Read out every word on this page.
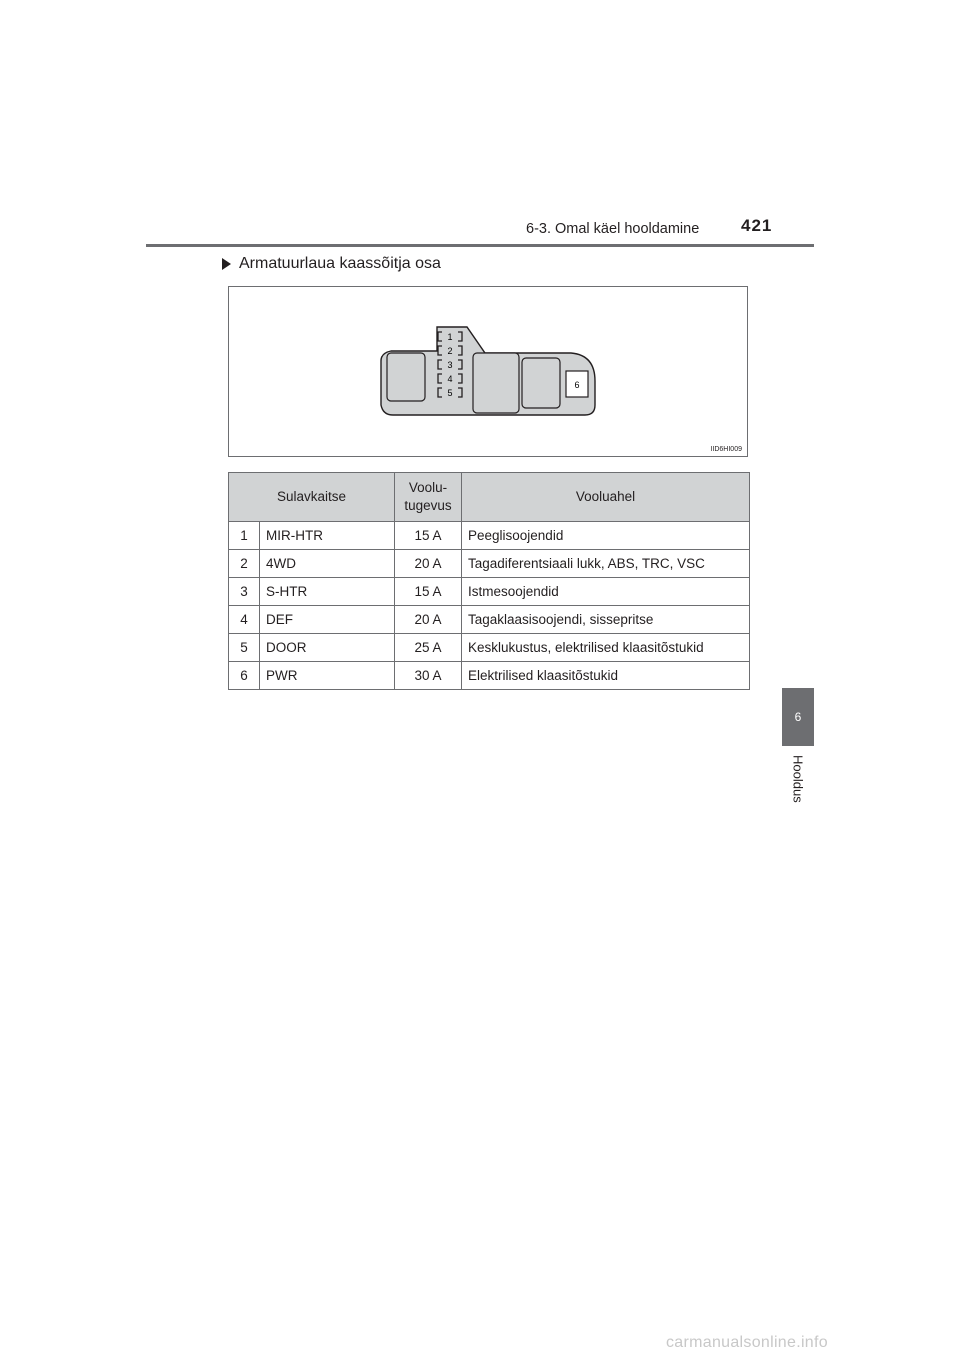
6-3. Omal käel hooldamine 421
Armatuurlaua kaassõitja osa
1
2
3
4
5
6
IID6HI009
Sulavkaitse		Voolu-
tugevus	Vooluahel
1	MIR-HTR	15 A	Peeglisoojendid
2	4WD	20 A	Tagadiferentsiaali lukk, ABS, TRC, VSC
3	S-HTR	15 A	Istmesoojendid
4	DEF	20 A	Tagaklaasisoojendi, sissepritse
5	DOOR	25 A	Kesklukustus, elektrilised klaasitõstukid
6	PWR	30 A	Elektrilised klaasitõstukid
6
Hooldus
carmanualsonline.info
